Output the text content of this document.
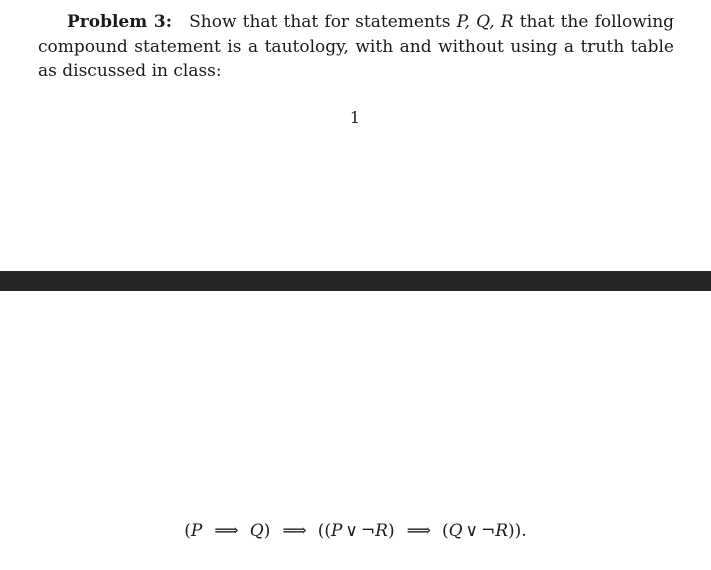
Problem 3: Show that that for statements P, Q, R that the following compound statement is a tautology, with and without using a truth table as discussed in class:

1
(P ⟹ Q) ⟹ ((P ∨ ¬R) ⟹ (Q ∨ ¬R)).
